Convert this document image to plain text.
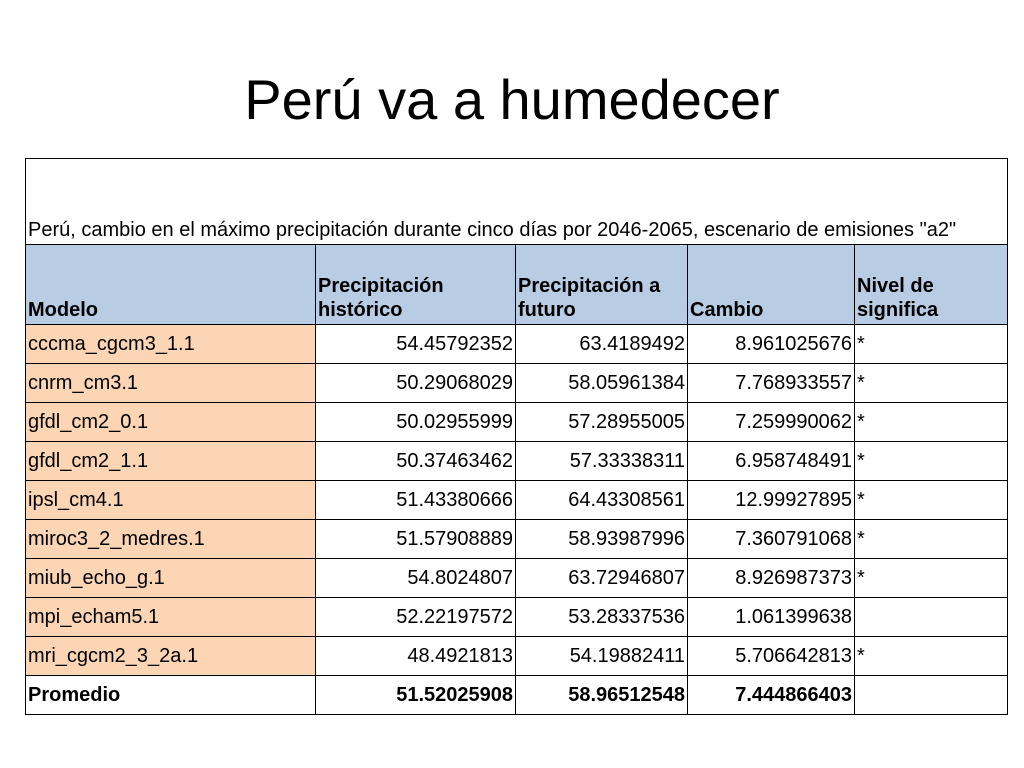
Perú va a humedecer
Perú, cambio en el máximo precipitación durante cinco días por 2046-2065, escenario de emisiones "a2"				
Modelo	Precipitación histórico	Precipitación a futuro	Cambio	Nivel de significa
cccma_cgcm3_1.1	54.45792352	63.4189492	8.961025676	*
cnrm_cm3.1	50.29068029	58.05961384	7.768933557	*
gfdl_cm2_0.1	50.02955999	57.28955005	7.259990062	*
gfdl_cm2_1.1	50.37463462	57.33338311	6.958748491	*
ipsl_cm4.1	51.43380666	64.43308561	12.99927895	*
miroc3_2_medres.1	51.57908889	58.93987996	7.360791068	*
miub_echo_g.1	54.8024807	63.72946807	8.926987373	*
mpi_echam5.1	52.22197572	53.28337536	1.061399638	
mri_cgcm2_3_2a.1	48.4921813	54.19882411	5.706642813	*
Promedio	51.52025908	58.96512548	7.444866403	
